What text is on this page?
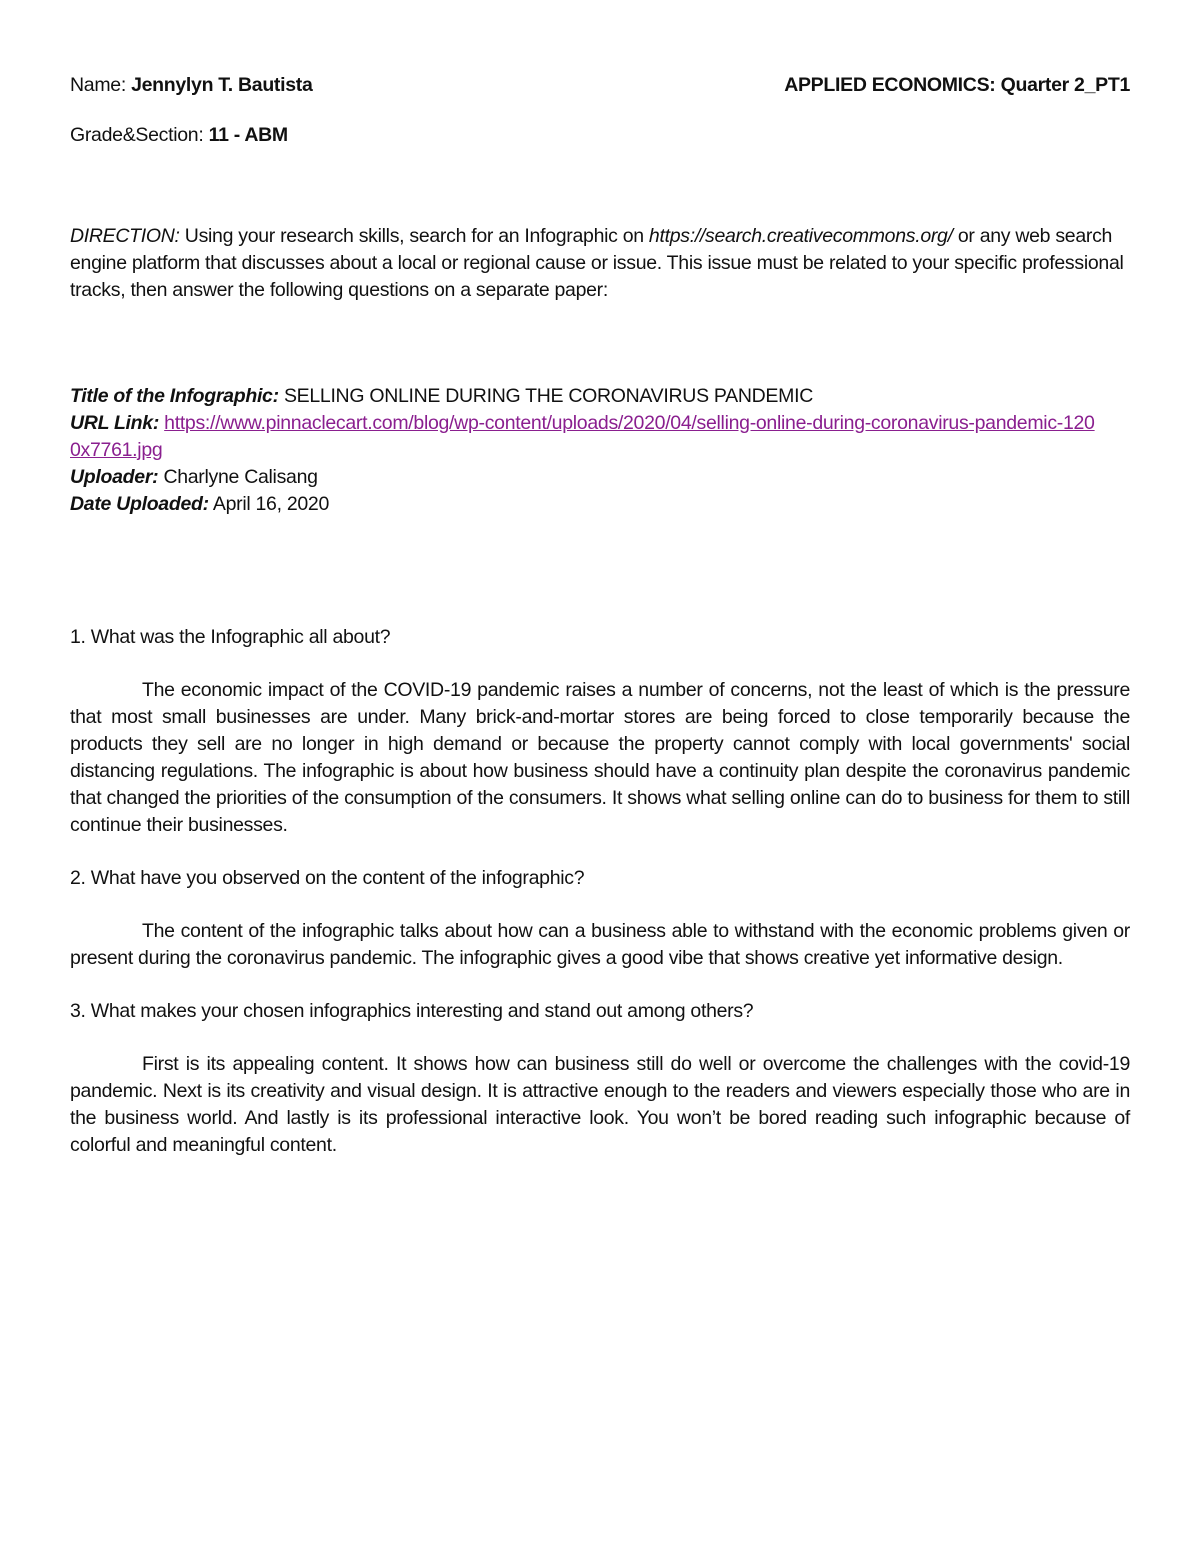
Name: Jennylyn T. Bautista	APPLIED ECONOMICS: Quarter 2_PT1
Grade&Section: 11 - ABM
DIRECTION: Using your research skills, search for an Infographic on https://search.creativecommons.org/ or any web search engine platform that discusses about a local or regional cause or issue. This issue must be related to your specific professional tracks, then answer the following questions on a separate paper:
Title of the Infographic: SELLING ONLINE DURING THE CORONAVIRUS PANDEMIC
URL Link: https://www.pinnaclecart.com/blog/wp-content/uploads/2020/04/selling-online-during-coronavirus-pandemic-1200x7761.jpg
Uploader: Charlyne Calisang
Date Uploaded: April 16, 2020

1. What was the Infographic all about?

The economic impact of the COVID-19 pandemic raises a number of concerns, not the least of which is the pressure that most small businesses are under. Many brick-and-mortar stores are being forced to close temporarily because the products they sell are no longer in high demand or because the property cannot comply with local governments' social distancing regulations. The infographic is about how business should have a continuity plan despite the coronavirus pandemic that changed the priorities of the consumption of the consumers. It shows what selling online can do to business for them to still continue their businesses.

2. What have you observed on the content of the infographic?

The content of the infographic talks about how can a business able to withstand with the economic problems given or present during the coronavirus pandemic. The infographic gives a good vibe that shows creative yet informative design.

3. What makes your chosen infographics interesting and stand out among others?

First is its appealing content. It shows how can business still do well or overcome the challenges with the covid-19 pandemic. Next is its creativity and visual design. It is attractive enough to the readers and viewers especially those who are in the business world. And lastly is its professional interactive look. You won’t be bored reading such infographic because of colorful and meaningful content.
